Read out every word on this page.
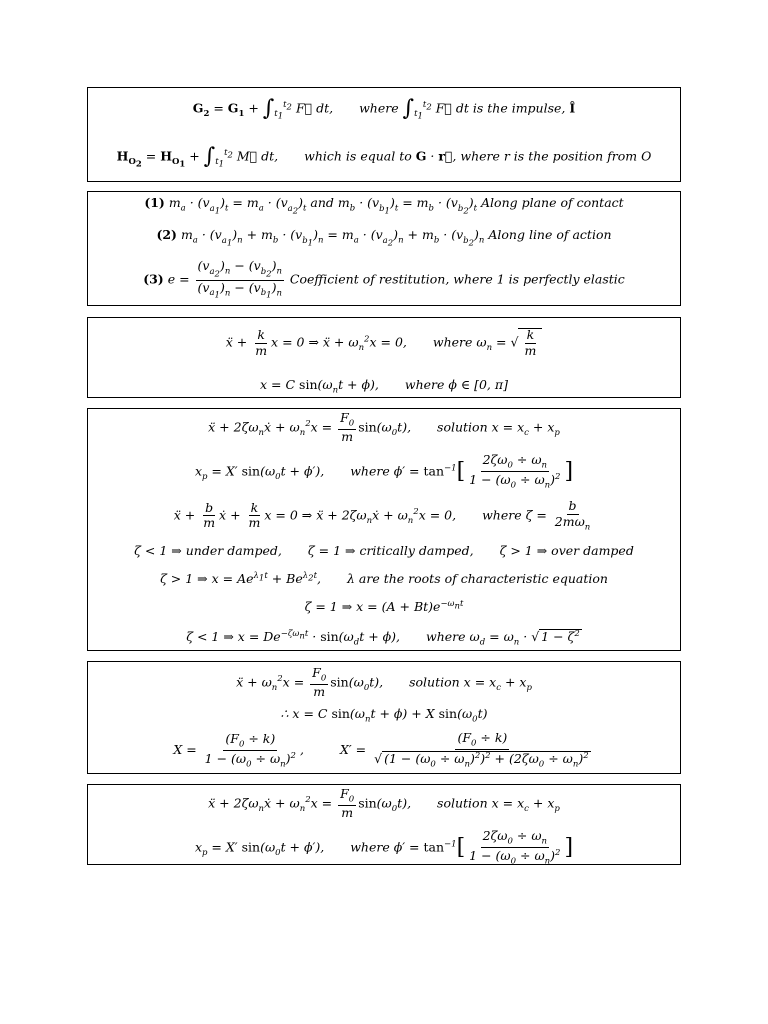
$G_2 = G_1 + \int_{t_1}^{t_2}$ F⃗ dt, where $\int_{t_1}^{t_2}$ F⃗ dt is the impulse, Î
$H_{O_2} = H_{O_1} + \int_{t_1}^{t_2}$ M⃗ dt, which is equal to G · r⃗, where r is the position from O
(1) $m_a \cdot (v_{a_1})_t = m_a \cdot (v_{a_2})_t$ and $m_b \cdot (v_{b_1})_t = m_b \cdot (v_{b_2})_t$ Along plane of contact
(2) $m_a \cdot (v_{a_1})_n + m_b \cdot (v_{b_1})_n = m_a \cdot (v_{a_2})_n + m_b \cdot (v_{b_2})_n$ Along line of action
(3) $e = \frac{(v_{a_2})_n - (v_{b_2})_n}{(v_{a_1})_n - (v_{b_1})_n}$ Coefficient of restitution, where 1 is perfectly elastic
ẍ + $\frac{k}{m}$ x = 0 ⇒ ẍ + $\omega_n^2x = 0$, where $\omega_n$ = √ $\frac{k}{m}$
x = C $\sin(\omega_nt + \phi)$, where ϕ ∈ [0, π]
ẍ + $2\zeta\omega_nẋ + \omega_n^2x = \frac{F_0}{m} \sin(\omega_0t)$, solution $x = x_c + x_p$
$x_p = X'$ $\sin(\omega_0t + \phi')$, where $\phi' = \tan^{-1}[ \frac{2\zeta\omega_0 \div \omega_n}{1 - (\omega_0 \div \omega_n)^2}$ ]
ẍ + $\frac{b}{m}$ ẋ + $\frac{k}{m}$ x = 0 ⇒ ẍ + $2\zeta\omega_nẋ + \omega_n^2x = 0$, where ζ =
b
$2m\omega_n$
ζ < 1 ⇒ under damped, ζ = 1 ⇒ critically damped, ζ > 1 ⇒ over damped
ζ > 1 ⇒ $x = Ae^{\lambda_1t} + Be^{\lambda_2t}$, λ are the roots of characteristic equation
ζ = 1 ⇒ $x = (A + Bt)e^{-\omega_nt}$
ζ < 1 ⇒ $x = De^{-\zeta\omega_nt} \cdot \sin(\omega_dt + \phi)$, where $\omega_d = \omega_n$ · √ $1 - \zeta^2$
ẍ + $\omega_n^2x = \frac{F_0}{m} \sin(\omega_0t)$, solution $x = x_c + x_p$
∴ x = C $\sin(\omega_nt + \phi) + X$ $\sin(\omega_0t)$
$X = \frac{(F_0 \div k)}{1 - (\omega_0 \div \omega_n)^2}$ ,	$X' = \frac{(F_0 \div k)}{√ (1 - (\omega_0 \div \omega_n)^2)^2 + (2\zeta\omega_0 \div \omega_n)^2}$
ẍ + $2\zeta\omega_nẋ + \omega_n^2x = \frac{F_0}{m} \sin(\omega_0t)$, solution $x = x_c + x_p$
$x_p = X'$ $\sin(\omega_0t + \phi')$, where $\phi' = \tan^{-1}[ \frac{2\zeta\omega_0 \div \omega_n}{1 - (\omega_0 \div \omega_n)^2}$ ]
